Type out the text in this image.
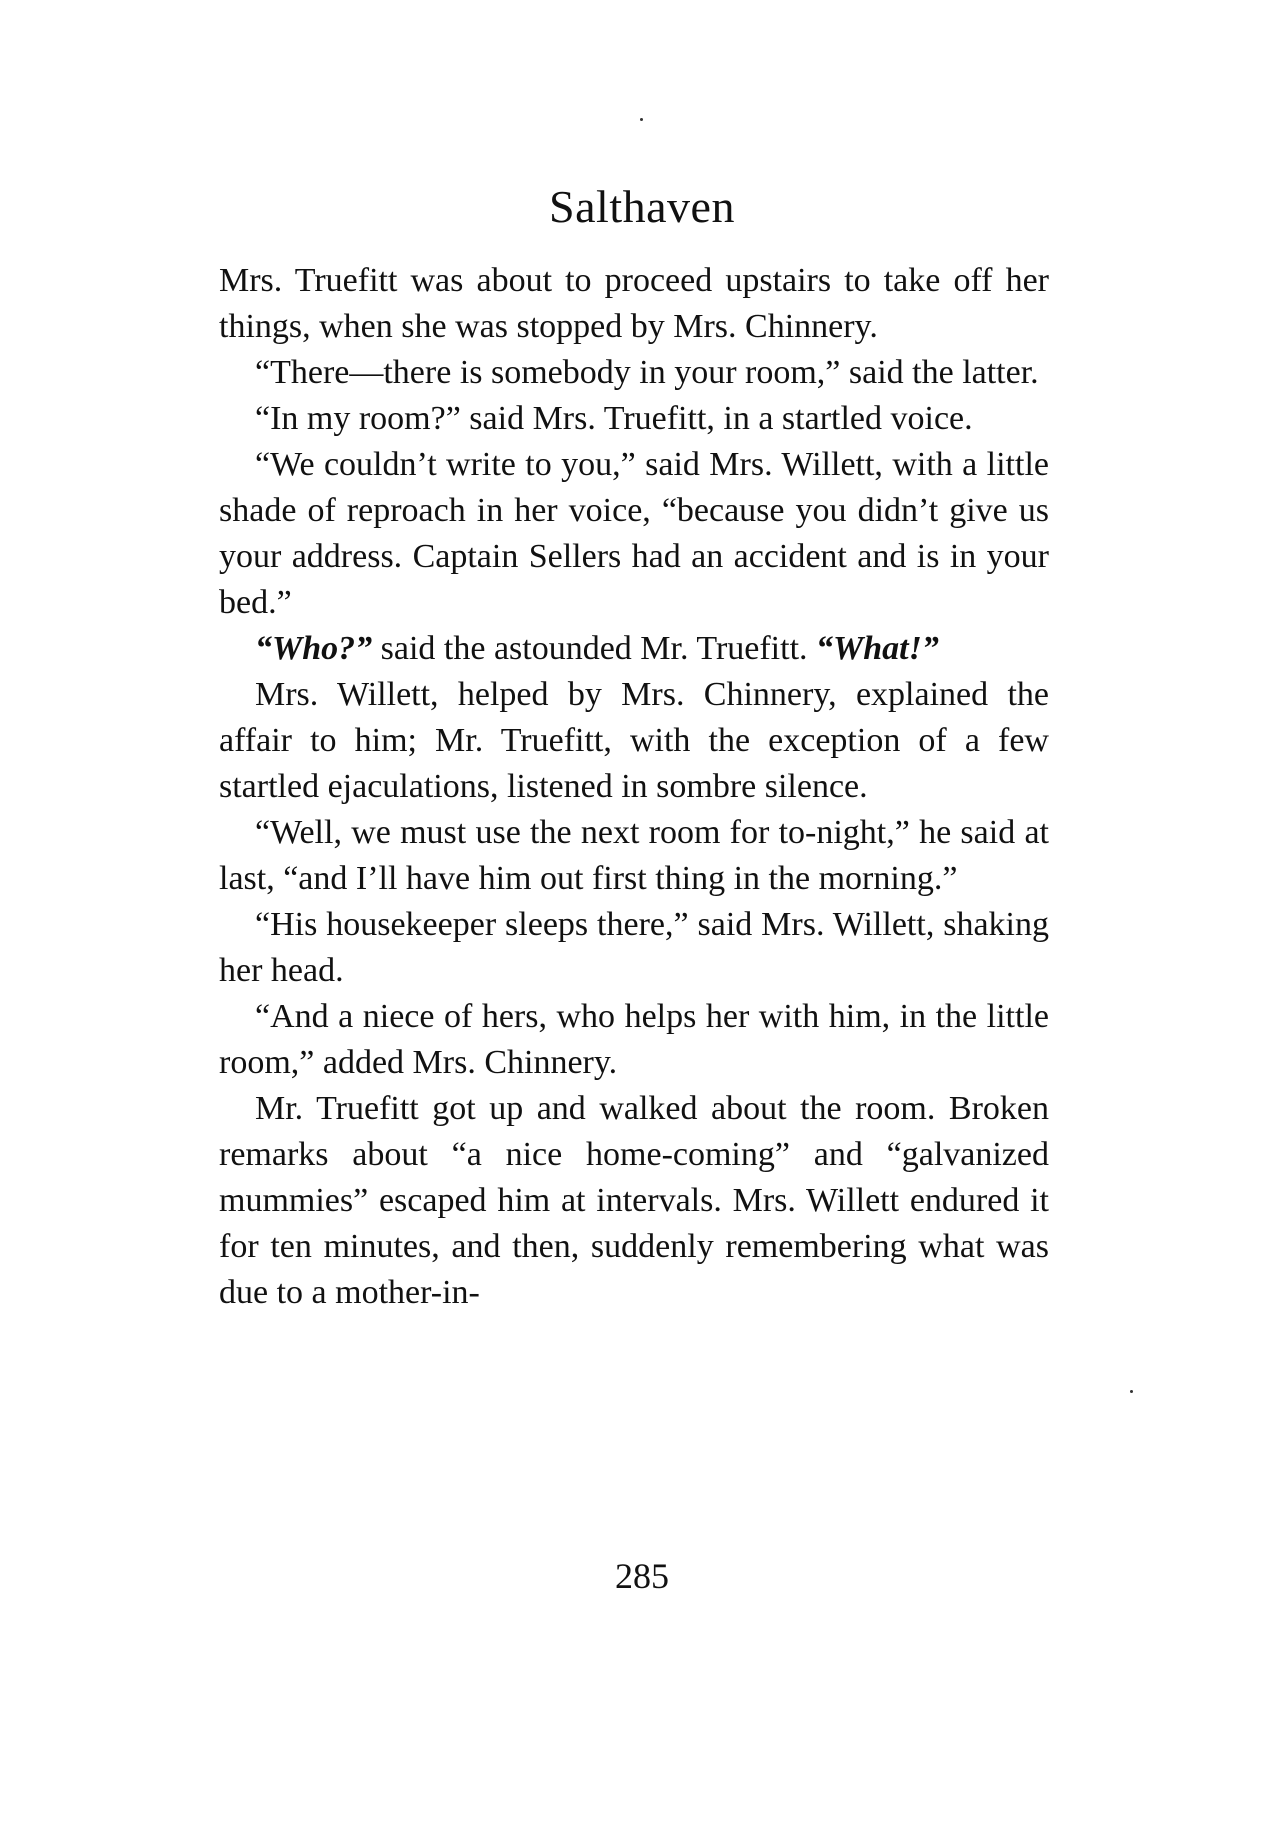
Salthaven

Mrs. Truefitt was about to proceed upstairs to take off her things, when she was stopped by Mrs. Chinnery.

“There—there is somebody in your room,” said the latter.

“In my room?” said Mrs. Truefitt, in a startled voice.

“We couldn’t write to you,” said Mrs. Willett, with a little shade of reproach in her voice, “because you didn’t give us your address. Captain Sellers had an accident and is in your bed.”

“Who?” said the astounded Mr. Truefitt. “What!”

Mrs. Willett, helped by Mrs. Chinnery, explained the affair to him; Mr. Truefitt, with the exception of a few startled ejaculations, listened in sombre silence.

“Well, we must use the next room for to-night,” he said at last, “and I’ll have him out first thing in the morning.”

“His housekeeper sleeps there,” said Mrs. Willett, shaking her head.

“And a niece of hers, who helps her with him, in the little room,” added Mrs. Chinnery.

Mr. Truefitt got up and walked about the room. Broken remarks about “a nice home-coming” and “galvanized mummies” escaped him at intervals. Mrs. Willett endured it for ten minutes, and then, suddenly remembering what was due to a mother-in-

285
